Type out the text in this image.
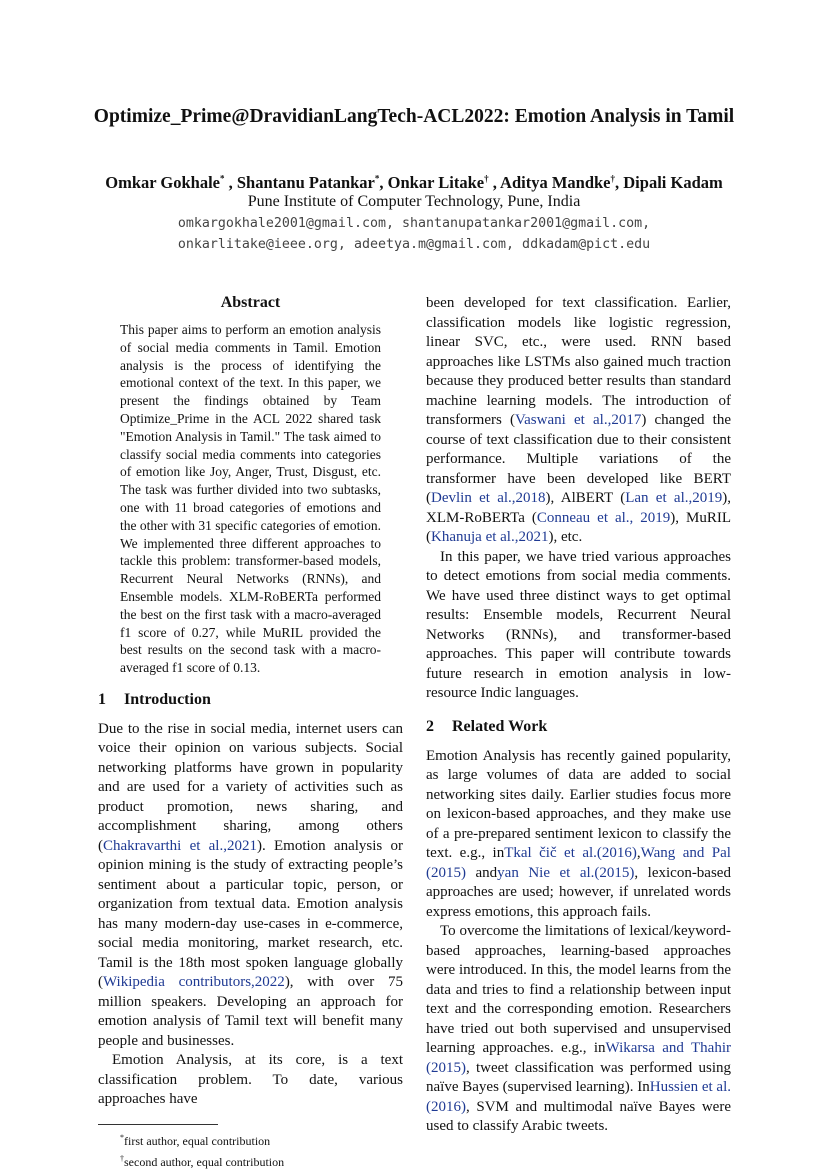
Optimize_Prime@DravidianLangTech-ACL2022: Emotion Analysis in Tamil
Omkar Gokhale* , Shantanu Patankar*, Onkar Litake† , Aditya Mandke†, Dipali Kadam
Pune Institute of Computer Technology, Pune, India
omkargokhale2001@gmail.com, shantanupatankar2001@gmail.com,
onkarlitake@ieee.org, adeetya.m@gmail.com, ddkadam@pict.edu
Abstract
This paper aims to perform an emotion analysis of social media comments in Tamil. Emotion analysis is the process of identifying the emotional context of the text. In this paper, we present the findings obtained by Team Optimize_Prime in the ACL 2022 shared task "Emotion Analysis in Tamil." The task aimed to classify social media comments into categories of emotion like Joy, Anger, Trust, Disgust, etc. The task was further divided into two subtasks, one with 11 broad categories of emotions and the other with 31 specific categories of emotion. We implemented three different approaches to tackle this problem: transformer-based models, Recurrent Neural Networks (RNNs), and Ensemble models. XLM-RoBERTa performed the best on the first task with a macro-averaged f1 score of 0.27, while MuRIL provided the best results on the second task with a macro-averaged f1 score of 0.13.
1 Introduction

Due to the rise in social media, internet users can voice their opinion on various subjects. Social networking platforms have grown in popularity and are used for a variety of activities such as product promotion, news sharing, and accomplishment sharing, among others (Chakravarthi et al.,2021). Emotion analysis or opinion mining is the study of extracting people’s sentiment about a particular topic, person, or organization from textual data. Emotion analysis has many modern-day use-cases in e-commerce, social media monitoring, market research, etc. Tamil is the 18th most spoken language globally (Wikipedia contributors,2022), with over 75 million speakers. Developing an approach for emotion analysis of Tamil text will benefit many people and businesses.

Emotion Analysis, at its core, is a text classification problem. To date, various approaches have

*first author, equal contribution
†second author, equal contribution

been developed for text classification. Earlier, classification models like logistic regression, linear SVC, etc., were used. RNN based approaches like LSTMs also gained much traction because they produced better results than standard machine learning models. The introduction of transformers (Vaswani et al.,2017) changed the course of text classification due to their consistent performance. Multiple variations of the transformer have been developed like BERT (Devlin et al.,2018), AlBERT (Lan et al.,2019), XLM-RoBERTa (Conneau et al., 2019), MuRIL (Khanuja et al.,2021), etc.

In this paper, we have tried various approaches to detect emotions from social media comments. We have used three distinct ways to get optimal results: Ensemble models, Recurrent Neural Networks (RNNs), and transformer-based approaches. This paper will contribute towards future research in emotion analysis in low-resource Indic languages.

2 Related Work

Emotion Analysis has recently gained popularity, as large volumes of data are added to social networking sites daily. Earlier studies focus more on lexicon-based approaches, and they make use of a pre-prepared sentiment lexicon to classify the text. e.g., inTkal čič et al.(2016),Wang and Pal (2015) andyan Nie et al.(2015), lexicon-based approaches are used; however, if unrelated words express emotions, this approach fails.

To overcome the limitations of lexical/keyword-based approaches, learning-based approaches were introduced. In this, the model learns from the data and tries to find a relationship between input text and the corresponding emotion. Researchers have tried out both supervised and unsupervised learning approaches. e.g., inWikarsa and Thahir (2015), tweet classification was performed using naïve Bayes (supervised learning). InHussien et al. (2016), SVM and multimodal naïve Bayes were used to classify Arabic tweets.
